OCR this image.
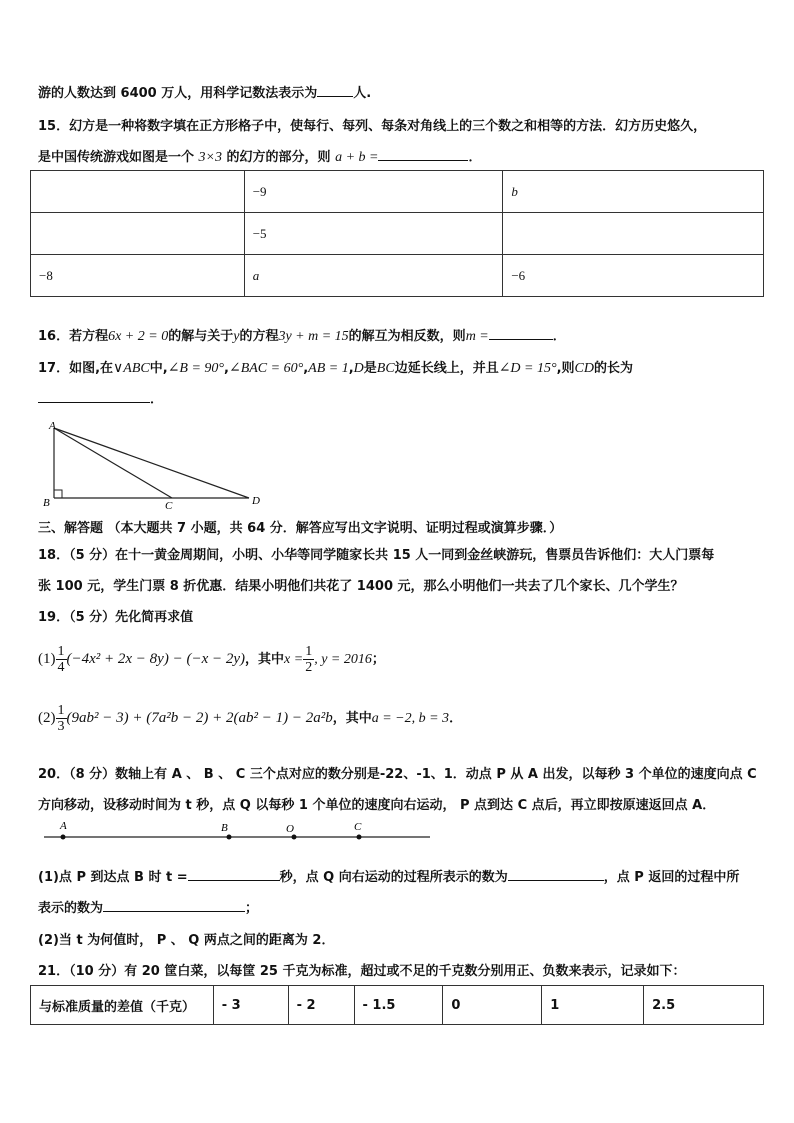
游的人数达到 6400 万人，用科学记数法表示为	人.
15．幻方是一种将数字填在正方形格子中，使每行、每列、每条对角线上的三个数之和相等的方法．幻方历史悠久，
是中国传统游戏如图是一个 3×3 的幻方的部分，则 a + b =	．
	−9	b
	−5	
−8	a	−6
16．若方程6x + 2 = 0的解与关于y的方程3y + m = 15的解互为相反数，则m =	．
17．如图,在∨ABC中,∠B = 90°,∠BAC = 60°,AB = 1,D是BC边延长线上，并且∠D = 15°,则CD的长为
．
A
B	C	D
三、解答题 （本大题共 7 小题，共 64 分．解答应写出文字说明、证明过程或演算步骤．）
18．（5 分）在十一黄金周期间，小明、小华等同学随家长共 15 人一同到金丝峡游玩，售票员告诉他们：大人门票每
张 100 元，学生门票 8 折优惠．结果小明他们共花了 1400 元，那么小明他们一共去了几个家长、几个学生？
19．（5 分）先化简再求值
$(1) \frac{1}{4} (-4x^2 + 2x - 8y) - (-x - 2y)$，其中$x = \frac{1}{2}$ , y = 2016；
$(2) \frac{1}{3} (9ab^2 - 3) + (7a^2b - 2) + 2(ab^2 - 1) - 2a^2b$，其中a = −2, b = 3．
20．（8 分）数轴上有 A 、 B 、 C 三个点对应的数分别是-22、-1、1．动点 P 从 A 出发，以每秒 3 个单位的速度向点 C
方向移动，设移动时间为 t 秒，点 Q 以每秒 1 个单位的速度向右运动， P 点到达 C 点后，再立即按原速返回点 A．
A	B	O	C
(1)点 P 到达点 B 时 t =	秒，点 Q 向右运动的过程所表示的数为	，点 P 返回的过程中所
表示的数为	；
(2)当 t 为何值时， P 、 Q 两点之间的距离为 2．
21．（10 分）有 20 筐白菜，以每筐 25 千克为标准，超过或不足的千克数分别用正、负数来表示，记录如下：
与标准质量的差值（千克）	- 3	- 2	- 1.5	0	1	2.5
